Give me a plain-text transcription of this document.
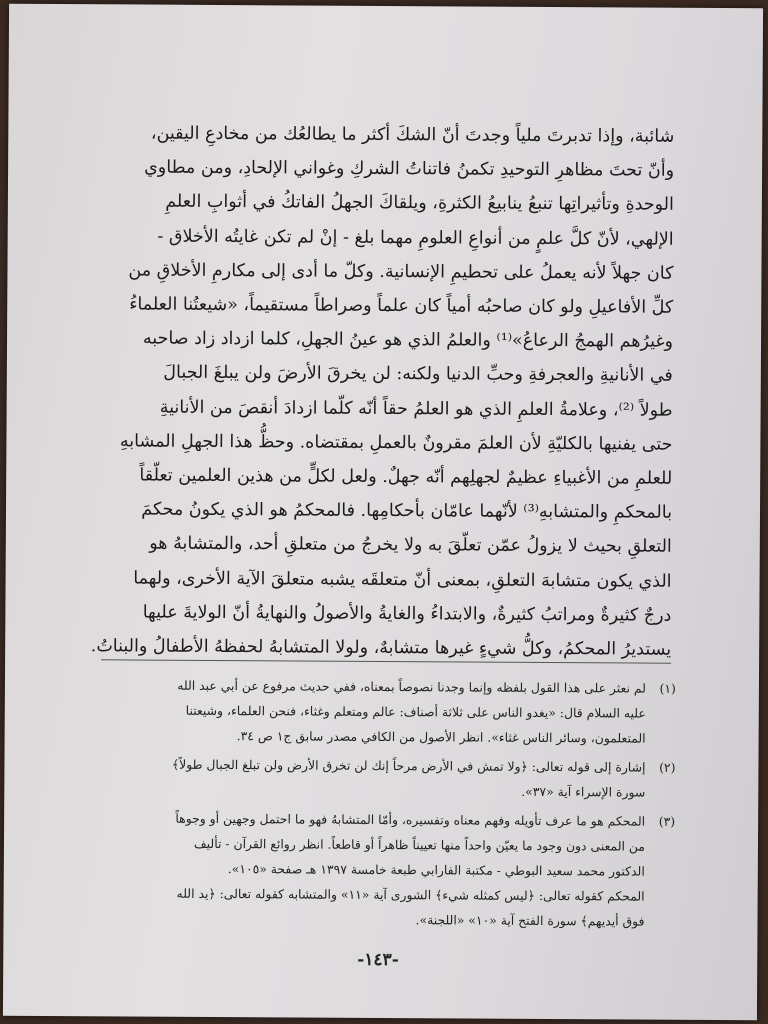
شائبة، وإذا تدبرتَ ملياً وجدتَ أنّ الشكَ أكثر ما يطالعُك من مخادعِ اليقين،
وأنّ تحتَ مظاهرِ التوحيدِ تكمنُ فاتناتُ الشركِ وغواني الإلحادِ، ومن مطاوي
الوحدةِ وتأثيراتِها تنبعُ ينابيعُ الكثرةِ، ويلقاكَ الجهلُ الفاتكُ في أثوابِ العلمِ
الإلهي، لأنّ كلَّ علمٍ من أنواعِ العلومِ مهما بلغ - إنْ لم تكن غايتُه الأخلاق -
كان جهلاً لأنه يعملُ على تحطيمِ الإنسانية. وكلّ ما أدى إلى مكارمِ الأخلاقِ من
كلِّ الأفاعيلِ ولو كان صاحبُه أمياً كان علماً وصراطاً مستقيماً، «شيعتُنا العلماءُ
وغيرُهم الهمجُ الرعاعُ»⁽¹⁾ والعلمُ الذي هو عينُ الجهلِ، كلما ازداد زاد صاحبه
في الأنانيةِ والعجرفةِ وحبِّ الدنيا ولكنه: لن يخرقَ الأرضَ ولن يبلغَ الجبالَ
طولاً ⁽²⁾، وعلامةُ العلمِ الذي هو العلمُ حقاً أنّه كلّما ازدادَ أنقصَ من الأنانيةِ
حتى يفنيها بالكليّةِ لأن العلمَ مقرونٌ بالعملِ بمقتضاه. وحظُّ هذا الجهلِ المشابهِ
للعلمِ من الأغبياءِ عظيمٌ لجهلِهم أنّه جهلٌ. ولعل لكلٍّ من هذين العلمين تعلّقاً
بالمحكمِ والمتشابهِ⁽³⁾ لأنّهما عامّان بأحكامِها. فالمحكمُ هو الذي يكونُ محكمَ
التعلقِ بحيث لا يزولُ عمّن تعلّقَ به ولا يخرجُ من متعلقِ أحد، والمتشابهُ هو
الذي يكون متشابهَ التعلقِ، بمعنى أنّ متعلقَه يشبه متعلقَ الآية الأخرى، ولهما
درجٌ كثيرةٌ ومراتبُ كثيرةٌ، والابتداءُ والغايةُ والأصولُ والنهايةُ أنّ الولايةَ عليها
يستديرُ المحكمُ، وكلُّ شيءٍ غيرها متشابهٌ، ولولا المتشابهُ لحفظهُ الأطفالُ والبناتُ.
(١)
لم نعثر على هذا القول بلفظه وإنما وجدنا نصوصاً بمعناه، ففي حديث مرفوع عن أبي عبد الله
عليه السلام قال: «يغدو الناس على ثلاثة أصناف: عالم ومتعلم وغثاء، فنحن العلماء، وشيعتنا
المتعلمون، وسائر الناس غثاء». انظر الأصول من الكافي مصدر سابق ج١ ص ٣٤.
(٢)
إشارة إلى قوله تعالى: ﴿ولا تمش في الأرض مرحاً إنك لن تخرق الأرض ولن تبلغ الجبال طولاً﴾
سورة الإسراء آية «٣٧».
(٣)
المحكم هو ما عرف تأويله وفهم معناه وتفسيره، وأمّا المتشابهُ فهو ما احتمل وجهين أو وجوهاً
من المعنى دون وجود ما يعيّن واحداً منها تعييناً ظاهراً أو قاطعاً. انظر روائع القرآن - تأليف
الدكتور محمد سعيد البوطي - مكتبة الفارابي طبعة خامسة ١٣٩٧ هـ صفحة «١٠٥».
المحكم كقوله تعالى: ﴿ليس كمثله شيء﴾ الشورى آية «١١» والمتشابه كقوله تعالى: ﴿يد الله
فوق أيديهم﴾ سورة الفتح آية «١٠» «اللجنة».
-١٤٣-
